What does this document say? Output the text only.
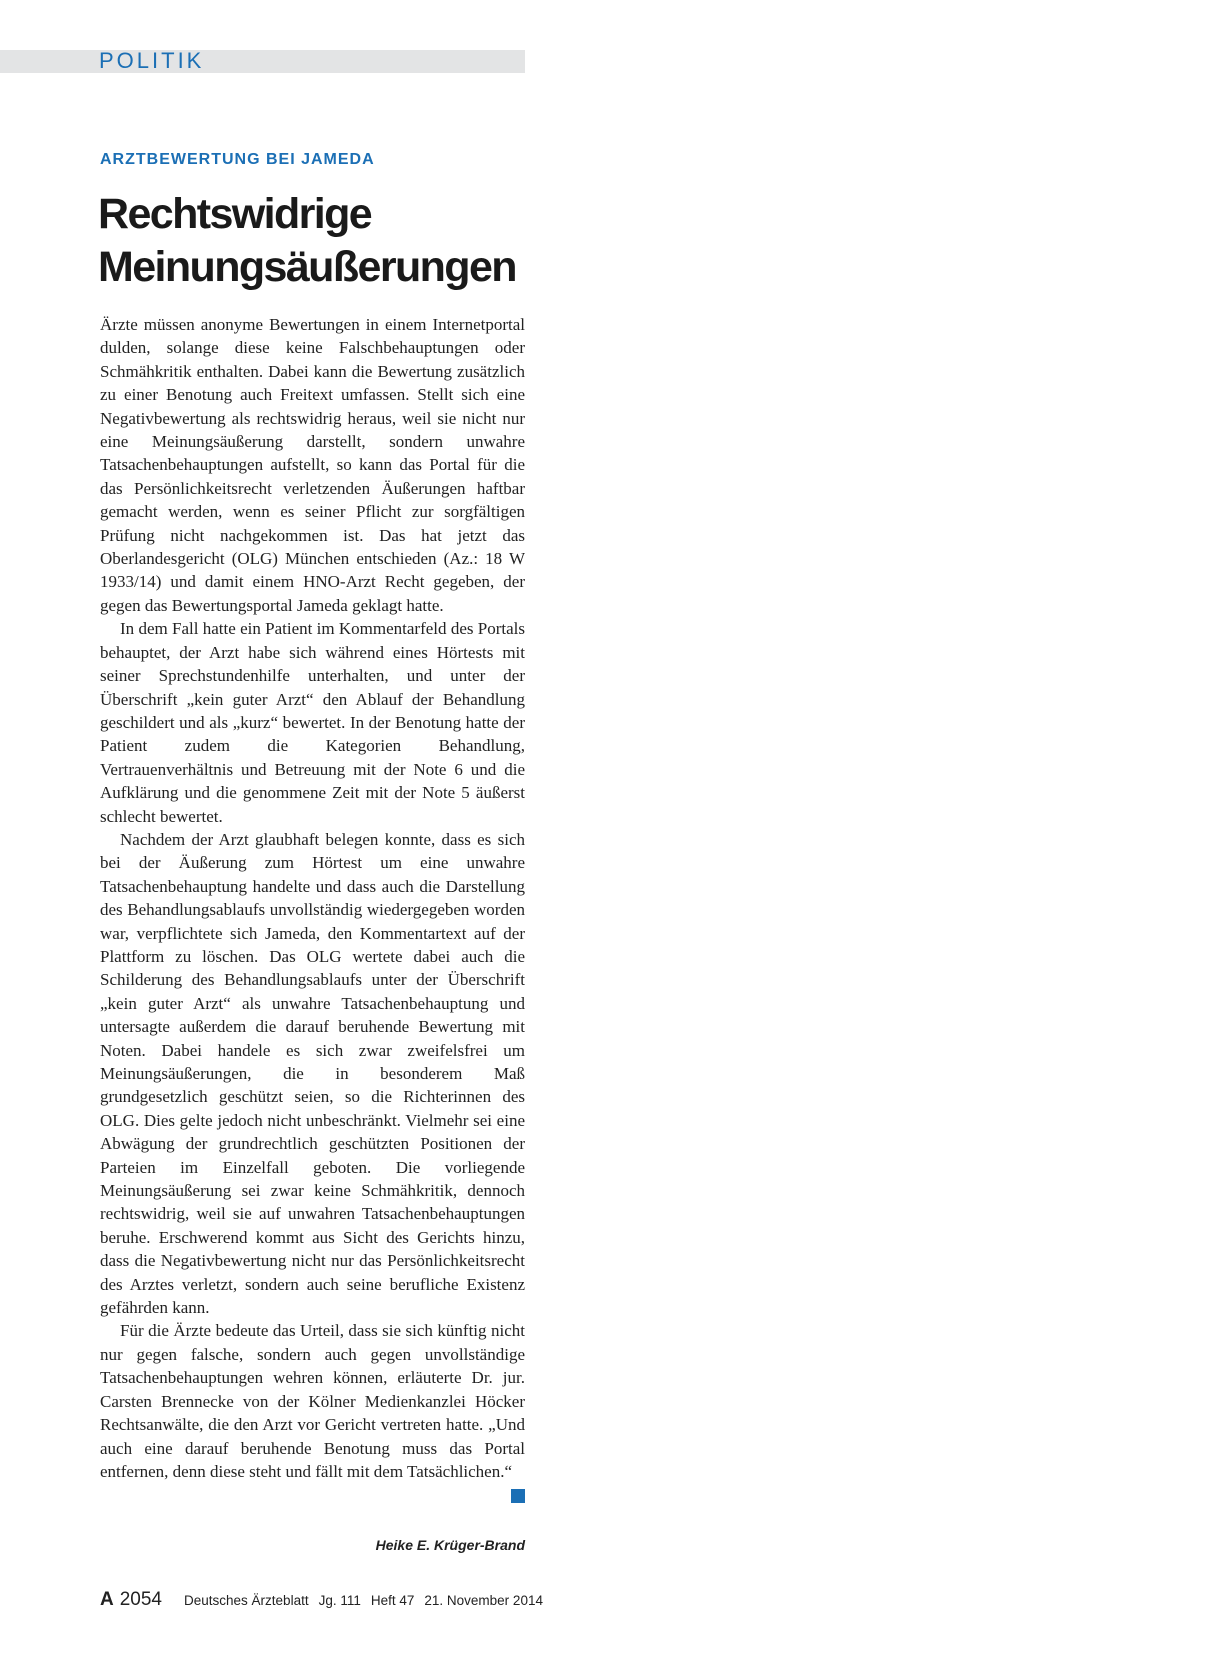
POLITIK
ARZTBEWERTUNG BEI JAMEDA
Rechtswidrige
Meinungsäußerungen

Ärzte müssen anonyme Bewertungen in einem Internetportal dulden, solange diese keine Falschbehauptungen oder Schmähkritik enthalten. Dabei kann die Bewertung zusätzlich zu einer Benotung auch Freitext umfassen. Stellt sich eine Negativbewertung als rechtswidrig heraus, weil sie nicht nur eine Meinungsäußerung darstellt, sondern unwahre Tatsachenbehauptungen aufstellt, so kann das Portal für die das Persönlichkeitsrecht verletzenden Äußerungen haftbar gemacht werden, wenn es seiner Pflicht zur sorgfältigen Prüfung nicht nachgekommen ist. Das hat jetzt das Oberlandesgericht (OLG) München entschieden (Az.: 18 W 1933/14) und damit einem HNO-Arzt Recht gegeben, der gegen das Bewertungsportal Jameda geklagt hatte.

In dem Fall hatte ein Patient im Kommentarfeld des Portals behauptet, der Arzt habe sich während eines Hörtests mit seiner Sprechstundenhilfe unterhalten, und unter der Überschrift „kein guter Arzt“ den Ablauf der Behandlung geschildert und als „kurz“ bewertet. In der Benotung hatte der Patient zudem die Kategorien Behandlung, Vertrauenverhältnis und Betreuung mit der Note 6 und die Aufklärung und die genommene Zeit mit der Note 5 äußerst schlecht bewertet.

Nachdem der Arzt glaubhaft belegen konnte, dass es sich bei der Äußerung zum Hörtest um eine unwahre Tatsachenbehauptung handelte und dass auch die Darstellung des Behandlungsablaufs unvollständig wiedergegeben worden war, verpflichtete sich Jameda, den Kommentartext auf der Plattform zu löschen. Das OLG wertete dabei auch die Schilderung des Behandlungsablaufs unter der Überschrift „kein guter Arzt“ als unwahre Tatsachenbehauptung und untersagte außerdem die darauf beruhende Bewertung mit Noten. Dabei handele es sich zwar zweifelsfrei um Meinungsäußerungen, die in besonderem Maß grundgesetzlich geschützt seien, so die Richterinnen des OLG. Dies gelte jedoch nicht unbeschränkt. Vielmehr sei eine Abwägung der grundrechtlich geschützten Positionen der Parteien im Einzelfall geboten. Die vorliegende Meinungsäußerung sei zwar keine Schmähkritik, dennoch rechtswidrig, weil sie auf unwahren Tatsachenbehauptungen beruhe. Erschwerend kommt aus Sicht des Gerichts hinzu, dass die Negativbewertung nicht nur das Persönlichkeitsrecht des Arztes verletzt, sondern auch seine berufliche Existenz gefährden kann.

Für die Ärzte bedeute das Urteil, dass sie sich künftig nicht nur gegen falsche, sondern auch gegen unvollständige Tatsachenbehauptungen wehren können, erläuterte Dr. jur. Carsten Brennecke von der Kölner Medienkanzlei Höcker Rechtsanwälte, die den Arzt vor Gericht vertreten hatte. „Und auch eine darauf beruhende Benotung muss das Portal entfernen, denn diese steht und fällt mit dem Tatsächlichen.“

Heike E. Krüger-Brand
A 2054 Deutsches Ärzteblatt Jg. 111 Heft 47 21. November 2014
